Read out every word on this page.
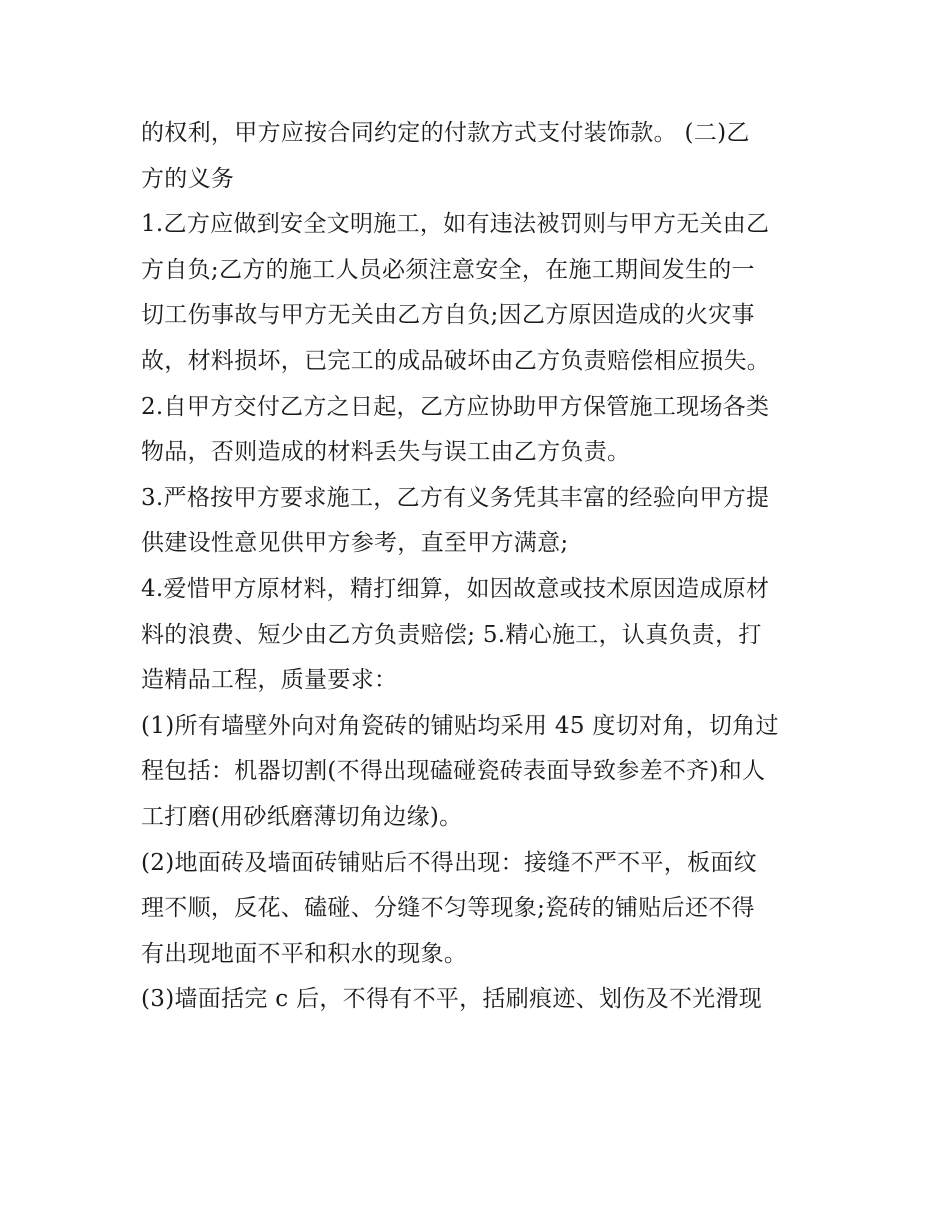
的权利，甲方应按合同约定的付款方式支付装饰款。 (二)乙
方的义务
1.乙方应做到安全文明施工，如有违法被罚则与甲方无关由乙
方自负;乙方的施工人员必须注意安全，在施工期间发生的一
切工伤事故与甲方无关由乙方自负;因乙方原因造成的火灾事
故，材料损坏，已完工的成品破坏由乙方负责赔偿相应损失。
2.自甲方交付乙方之日起，乙方应协助甲方保管施工现场各类
物品，否则造成的材料丢失与误工由乙方负责。
3.严格按甲方要求施工，乙方有义务凭其丰富的经验向甲方提
供建设性意见供甲方参考，直至甲方满意;
4.爱惜甲方原材料，精打细算，如因故意或技术原因造成原材
料的浪费、短少由乙方负责赔偿; 5.精心施工，认真负责，打
造精品工程，质量要求：
(1)所有墙壁外向对角瓷砖的铺贴均采用 45 度切对角，切角过
程包括：机器切割(不得出现磕碰瓷砖表面导致参差不齐)和人
工打磨(用砂纸磨薄切角边缘)。
(2)地面砖及墙面砖铺贴后不得出现：接缝不严不平，板面纹
理不顺，反花、磕碰、分缝不匀等现象;瓷砖的铺贴后还不得
有出现地面不平和积水的现象。
(3)墙面括完 c 后，不得有不平，括刷痕迹、划伤及不光滑现
